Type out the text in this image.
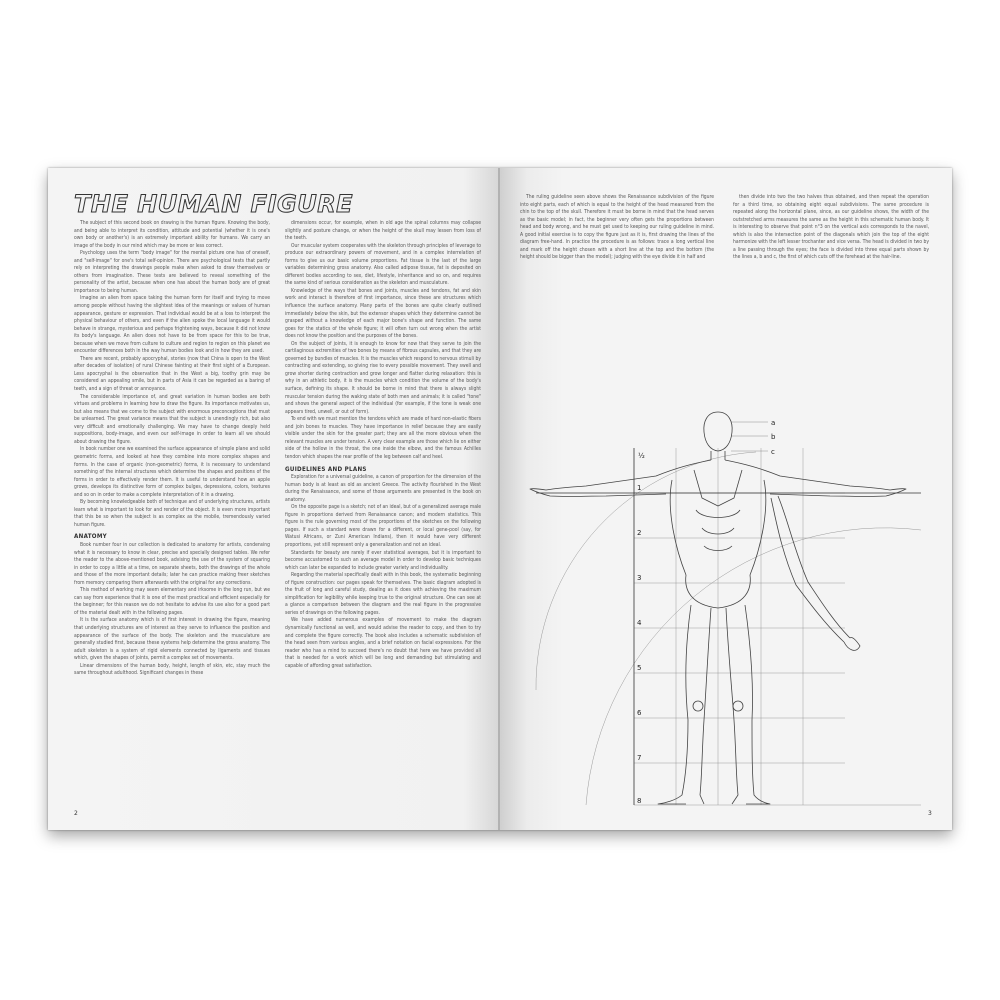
THE HUMAN FIGURE

The subject of this second book on drawing is the human figure. Knowing the body, and being able to interpret its condition, attitude and potential (whether it is one's own body or another's) is an extremely important ability for humans. We carry an image of the body in our mind which may be more or less correct.

Psychology uses the term "body image" for the mental picture one has of oneself, and "self-image" for one's total self-opinion. There are psychological tests that partly rely on interpreting the drawings people make when asked to draw themselves or others from imagination. These tests are believed to reveal something of the personality of the artist, because when one has about the human body are of great importance to being human.

Imagine an alien from space taking the human form for itself and trying to move among people without having the slightest idea of the meanings or values of human appearance, gesture or expression. That individual would be at a loss to interpret the physical behaviour of others, and even if the alien spoke the local language it would behave in strange, mysterious and perhaps frightening ways, because it did not know its body's language. An alien does not have to be from space for this to be true, because when we move from culture to culture and region to region on this planet we encounter differences both in the way human bodies look and in how they are used.

There are recent, probably apocryphal, stories (now that China is open to the West after decades of isolation) of rural Chinese fainting at their first sight of a European. Less apocryphal is the observation that in the West a big, toothy grin may be considered an appealing smile, but in parts of Asia it can be regarded as a baring of teeth, and a sign of threat or annoyance.

The considerable importance of, and great variation in human bodies are both virtues and problems in learning how to draw the figure. Its importance motivates us, but also means that we come to the subject with enormous preconceptions that must be unlearned. The great variance means that the subject is unendingly rich, but also very difficult and emotionally challenging. We may have to change deeply held suppositions, body-image, and even our self-image in order to learn all we should about drawing the figure.

In book number one we examined the surface appearance of simple plane and solid geometric forms, and looked at how they combine into more complex shapes and forms. In the case of organic (non-geometric) forms, it is necessary to understand something of the internal structures which determine the shapes and positions of the forms in order to effectively render them. It is useful to understand how an apple grows, develops its distinctive form of complex bulges, depressions, colors, textures and so on in order to make a complete interpretation of it in a drawing.

By becoming knowledgeable both of technique and of underlying structures, artists learn what is important to look for and render of the object. It is even more important that this be so when the subject is as complex as the mobile, tremendously varied human figure.

ANATOMY

Book number four in our collection is dedicated to anatomy for artists, condensing what it is necessary to know in clear, precise and specially designed tables. We refer the reader to the above-mentioned book, advising the use of the system of squaring in order to copy a little at a time, on separate sheets, both the drawings of the whole and those of the more important details; later he can practice making freer sketches from memory comparing them afterwards with the original for any corrections.

This method of working may seem elementary and irksome in the long run, but we can say from experience that it is one of the most practical and efficient especially for the beginner; for this reason we do not hesitate to advise its use also for a good part of the material dealt with in the following pages.

It is the surface anatomy which is of first interest in drawing the figure, meaning that underlying structures are of interest as they serve to influence the position and appearance of the surface of the body. The skeleton and the musculature are generally studied first, because these systems help determine the gross anatomy. The adult skeleton is a system of rigid elements connected by ligaments and tissues which, given the shapes of joints, permit a complex set of movements.

Linear dimensions of the human body, height, length of skin, etc, stay much the same throughout adulthood. Significant changes in these

dimensions occur, for example, when in old age the spinal columns may collapse slightly and posture change, or when the height of the skull may lessen from loss of the teeth.

Our muscular system cooperates with the skeleton through principles of leverage to produce our extraordinary powers of movement, and in a complex interrelation of forms to give us our basic volume proportions. Fat tissue is the last of the large variables determining gross anatomy. Also called adipose tissue, fat is deposited on different bodies according to sex, diet, lifestyle, inheritance and so on, and requires the same kind of serious consideration as the skeleton and musculature.

Knowledge of the ways that bones and joints, muscles and tendons, fat and skin work and interact is therefore of first importance, since these are structures which influence the surface anatomy. Many parts of the bones are quite clearly outlined immediately below the skin, but the extensor shapes which they determine cannot be grasped without a knowledge of each major bone's shape and function. The same goes for the statics of the whole figure; it will often turn out wrong when the artist does not know the position and the purposes of the bones.

On the subject of joints, it is enough to know for now that they serve to join the cartilaginous extremities of two bones by means of fibrous capsules, and that they are governed by bundles of muscles. It is the muscles which respond to nervous stimuli by contracting and extending, so giving rise to every possible movement. They swell and grow shorter during contraction and grow longer and flatter during relaxation: this is why in an athletic body, it is the muscles which condition the volume of the body's surface, defining its shape. It should be borne in mind that there is always slight muscular tension during the waking state of both men and animals; it is called "tone" and shows the general aspect of the individual (for example, if the tone is weak one appears tired, unwell, or out of form).

To end with we must mention the tendons which are made of hard non-elastic fibers and join bones to muscles. They have importance in relief because they are easily visible under the skin for the greater part; they are all the more obvious when the relevant muscles are under tension. A very clear example are those which lie on either side of the hollow in the throat, the one inside the elbow, and the famous Achilles tendon which shapes the rear profile of the leg between calf and heel.

GUIDELINES AND PLANS

Exploration for a universal guideline, a canon of proportion for the dimension of the human body is at least as old as ancient Greece. The activity flourished in the West during the Renaissance, and some of those arguments are presented in the book on anatomy.

On the opposite page is a sketch; not of an ideal, but of a generalized average male figure in proportions derived from Renaissance canon; and modern statistics. This figure is the rule governing most of the proportions of the sketches on the following pages. If such a standard were drawn for a different, or local gene-pool (say, for Watusi Africans, or Zuni American Indians), then it would have very different proportions, yet still represent only a generalization and not an ideal.

Standards for beauty are rarely if ever statistical averages, but it is important to become accustomed to such an average model in order to develop basic techniques which can later be expanded to include greater variety and individuality.

Regarding the material specifically dealt with in this book, the systematic beginning of figure construction: our pages speak for themselves. The basic diagram adopted is the fruit of long and careful study, dealing as it does with achieving the maximum simplification for legibility while keeping true to the original structure. One can see at a glance a comparison between the diagram and the real figure in the progressive series of drawings on the following pages.

We have added numerous examples of movement to make the diagram dynamically functional as well, and would advise the reader to copy, and then to try and complete the figure correctly. The book also includes a schematic subdivision of the head seen from various angles, and a brief notation on facial expressions. For the reader who has a mind to succeed there's no doubt that here we have provided all that is needed for a work which will be long and demanding but stimulating and capable of affording great satisfaction.

2

The ruling guideline seen above shows the Renaissance subdivision of the figure into eight parts, each of which is equal to the height of the head measured from the chin to the top of the skull. Therefore it must be borne in mind that the head serves as the basic model; in fact, the beginner very often gets the proportions between head and body wrong, and he must get used to keeping our ruling guideline in mind. A good initial exercise is to copy the figure just as it is, first drawing the lines of the diagram free-hand. In practice the procedure is as follows: trace a long vertical line and mark off the height chosen with a short line at the top and the bottom (the height should be bigger than the model); judging with the eye divide it in half and

then divide into two the two halves thus obtained, and then repeat the operation for a third time, so obtaining eight equal subdivisions. The same procedure is repeated along the horizontal plane, since, as our guideline shows, the width of the outstretched arms measures the same as the height in this schematic human body. It is interesting to observe that point n°3 on the vertical axis corresponds to the navel, which is also the intersection point of the diagonals which join the top of the eight harmonize with the left lesser trochanter and vice versa. The head is divided in two by a line passing through the eyes; the face is divided into three equal parts shown by the lines a, b and c, the first of which cuts off the forehead at the hair-line.

½
1
2
3
4
5
6
7
8
a
b
c
3
